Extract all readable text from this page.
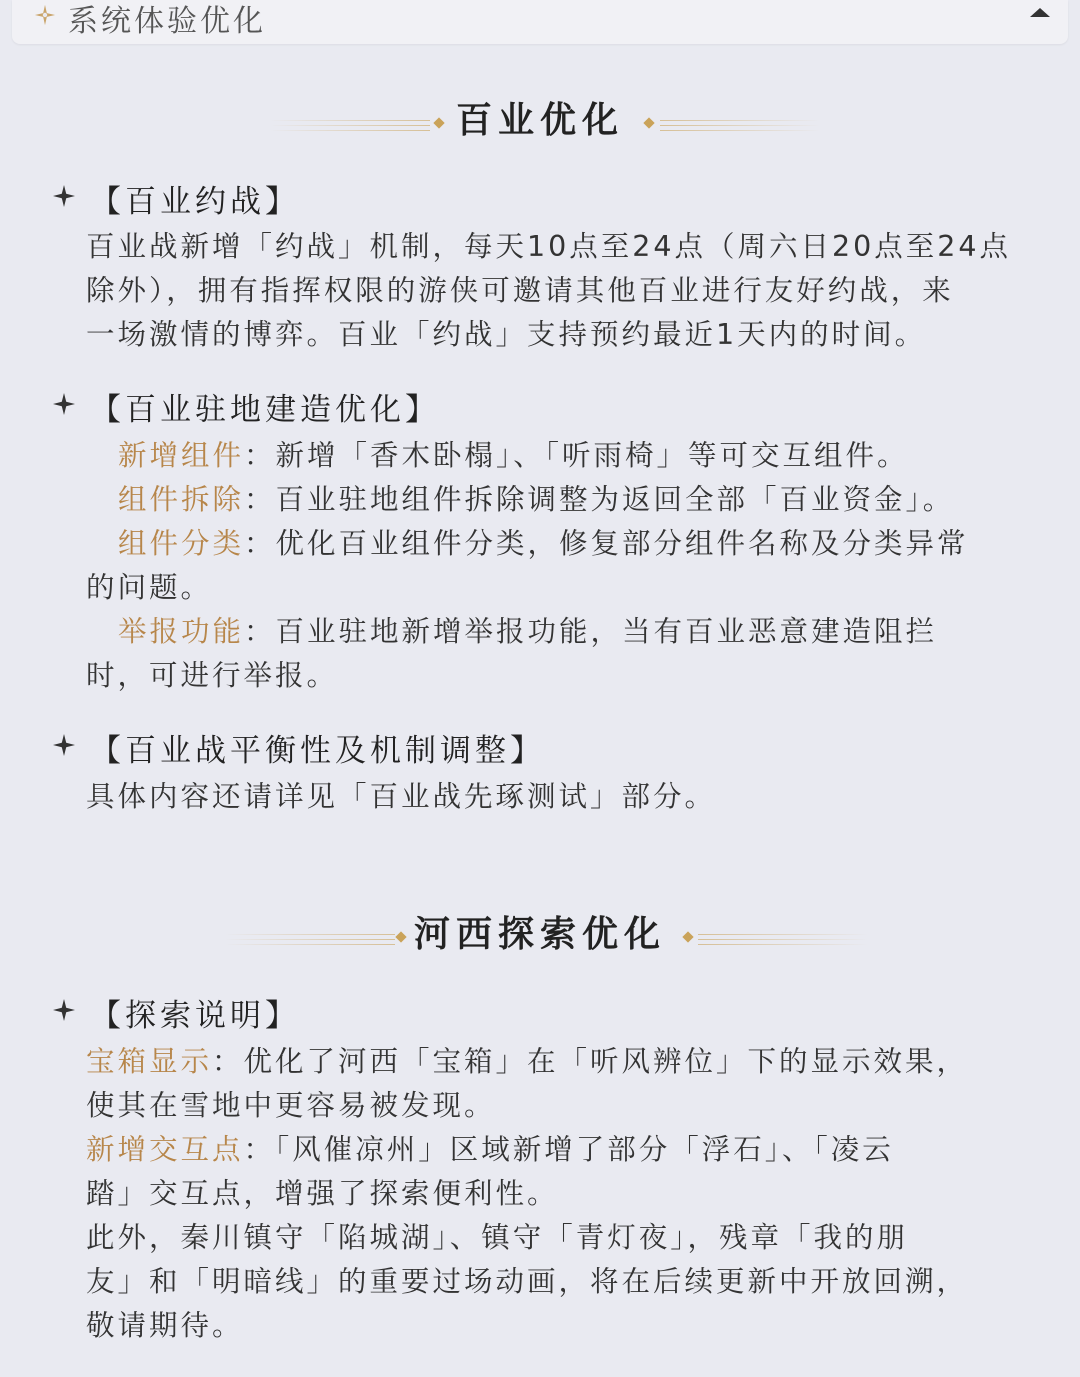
系统体验优化
百业优化
【百业约战】
百业战新增「约战」机制，每天10点至24点（周六日20点至24点
除外），拥有指挥权限的游侠可邀请其他百业进行友好约战，来
一场激情的博弈。百业「约战」支持预约最近1天内的时间。
【百业驻地建造优化】
新增组件：新增「香木卧榻」、「听雨椅」等可交互组件。
组件拆除：百业驻地组件拆除调整为返回全部「百业资金」。
组件分类：优化百业组件分类，修复部分组件名称及分类异常
的问题。
举报功能：百业驻地新增举报功能，当有百业恶意建造阻拦
时，可进行举报。
【百业战平衡性及机制调整】
具体内容还请详见「百业战先琢测试」部分。
河西探索优化
【探索说明】
宝箱显示：优化了河西「宝箱」在「听风辨位」下的显示效果，
使其在雪地中更容易被发现。
新增交互点：「风催凉州」区域新增了部分「浮石」、「凌云
踏」交互点，增强了探索便利性。
此外，秦川镇守「陷城湖」、镇守「青灯夜」，残章「我的朋
友」和「明暗线」的重要过场动画，将在后续更新中开放回溯，
敬请期待。
